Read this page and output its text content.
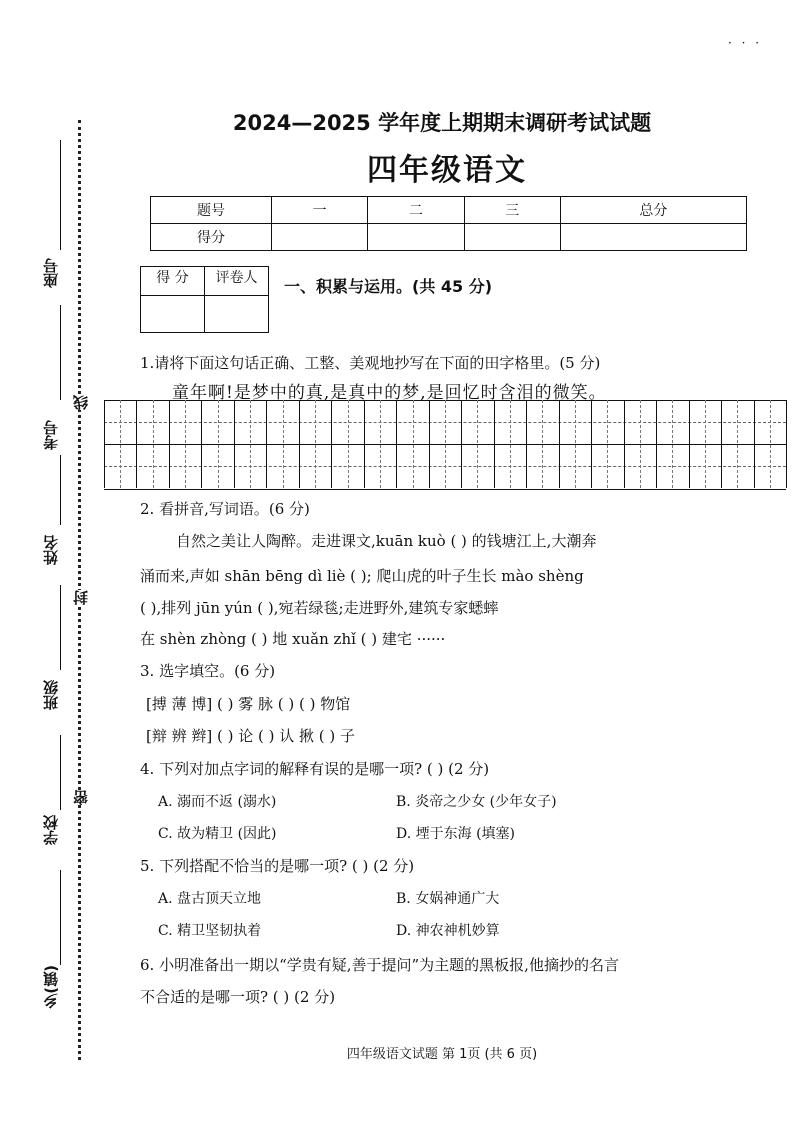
· · ·
座号
考号
姓名
班级
学校
乡(镇)
线
封
密
2024—2025 学年度上期期末调研考试试题
四年级语文
题号	一	二	三	总分
得分				
得 分	评卷人
	一、积累与运用。(共 45 分)
1.请将下面这句话正确、工整、美观地抄写在下面的田字格里。(5 分)
童年啊!是梦中的真,是真中的梦,是回忆时含泪的微笑。
2. 看拼音,写词语。(6 分)
自然之美让人陶醉。走进课文,kuān kuò ( ) 的钱塘江上,大潮奔
涌而来,声如 shān bēng dì liè ( ); 爬山虎的叶子生长 mào shèng
( ),排列 jūn yún ( ),宛若绿毯;走进野外,建筑专家蟋蟀
在 shèn zhòng ( ) 地 xuǎn zhǐ ( ) 建宅 ······
3. 选字填空。(6 分)
[搏 薄 博] ( ) 雾 脉 ( ) ( ) 物馆
[辩 辨 辫] ( ) 论 ( ) 认 揪 ( ) 子
4. 下列对加点字词的解释有误的是哪一项? ( ) (2 分)
A. 溺而不返 (溺水)	B. 炎帝之少女 (少年女子)
C. 故为精卫 (因此)	D. 堙于东海 (填塞)
5. 下列搭配不恰当的是哪一项? ( ) (2 分)
A. 盘古顶天立地	B. 女娲神通广大
C. 精卫坚韧执着	D. 神农神机妙算
6. 小明准备出一期以“学贵有疑,善于提问”为主题的黑板报,他摘抄的名言
不合适的是哪一项? ( ) (2 分)
四年级语文试题 第 1页 (共 6 页)
